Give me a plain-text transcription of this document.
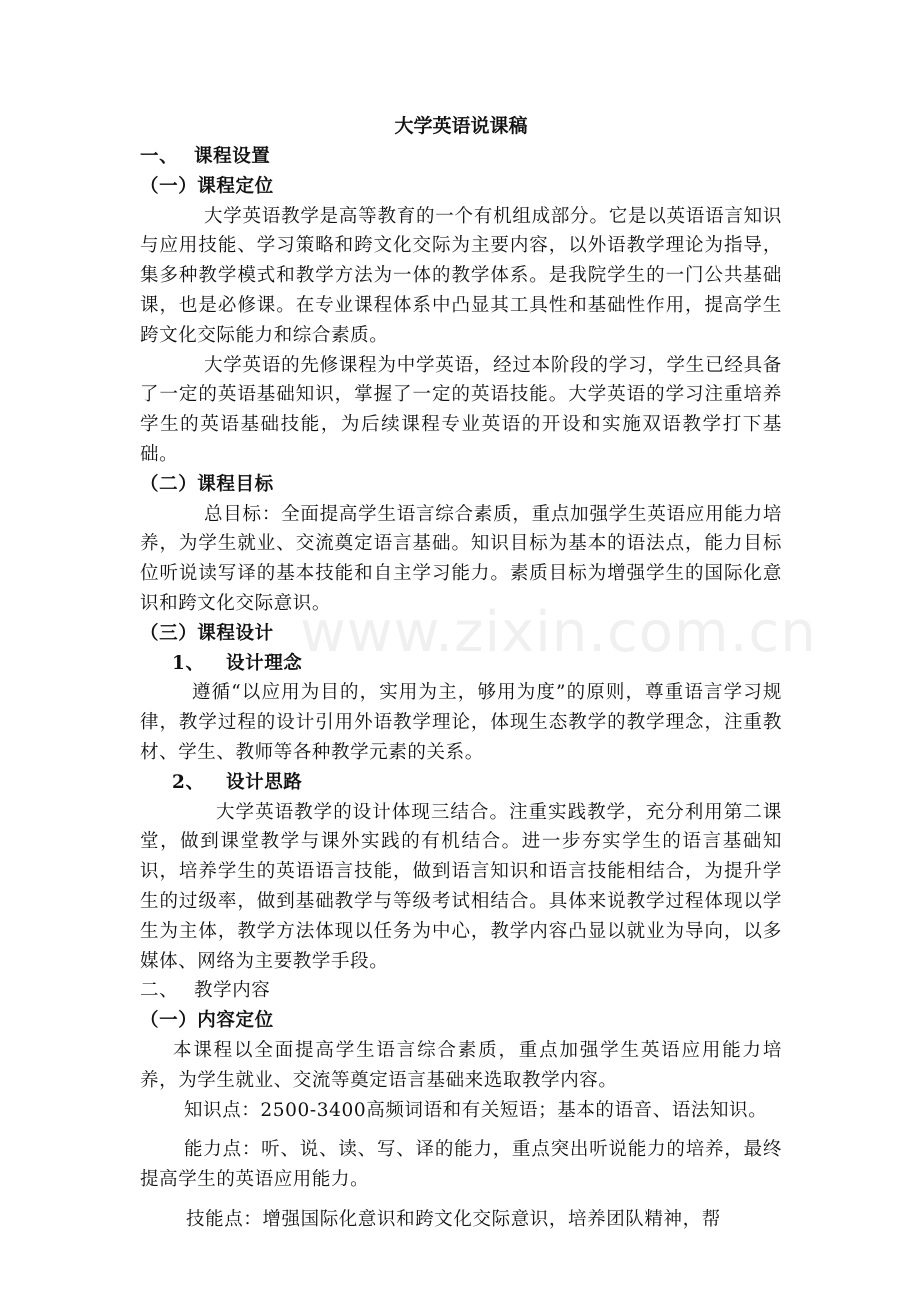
www.zixin.com.cn
大学英语说课稿
一、 课程设置
（一）课程定位

大学英语教学是高等教育的一个有机组成部分。它是以英语语言知识与应用技能、学习策略和跨文化交际为主要内容，以外语教学理论为指导，集多种教学模式和教学方法为一体的教学体系。是我院学生的一门公共基础课，也是必修课。在专业课程体系中凸显其工具性和基础性作用，提高学生跨文化交际能力和综合素质。

大学英语的先修课程为中学英语，经过本阶段的学习，学生已经具备了一定的英语基础知识，掌握了一定的英语技能。大学英语的学习注重培养学生的英语基础技能，为后续课程专业英语的开设和实施双语教学打下基础。

（二）课程目标

总目标：全面提高学生语言综合素质，重点加强学生英语应用能力培养，为学生就业、交流奠定语言基础。知识目标为基本的语法点，能力目标位听说读写译的基本技能和自主学习能力。素质目标为增强学生的国际化意识和跨文化交际意识。

（三）课程设计
1、 设计理念

遵循“以应用为目的，实用为主，够用为度”的原则，尊重语言学习规律，教学过程的设计引用外语教学理论，体现生态教学的教学理念，注重教材、学生、教师等各种教学元素的关系。

2、 设计思路

大学英语教学的设计体现三结合。注重实践教学，充分利用第二课堂，做到课堂教学与课外实践的有机结合。进一步夯实学生的语言基础知识，培养学生的英语语言技能，做到语言知识和语言技能相结合，为提升学生的过级率，做到基础教学与等级考试相结合。具体来说教学过程体现以学生为主体，教学方法体现以任务为中心，教学内容凸显以就业为导向，以多媒体、网络为主要教学手段。

二、 教学内容
（一）内容定位

本课程以全面提高学生语言综合素质，重点加强学生英语应用能力培养，为学生就业、交流等奠定语言基础来选取教学内容。

知识点：2500-3400高频词语和有关短语；基本的语音、语法知识。

能力点：听、说、读、写、译的能力，重点突出听说能力的培养，最终提高学生的英语应用能力。

技能点：增强国际化意识和跨文化交际意识，培养团队精神，帮
